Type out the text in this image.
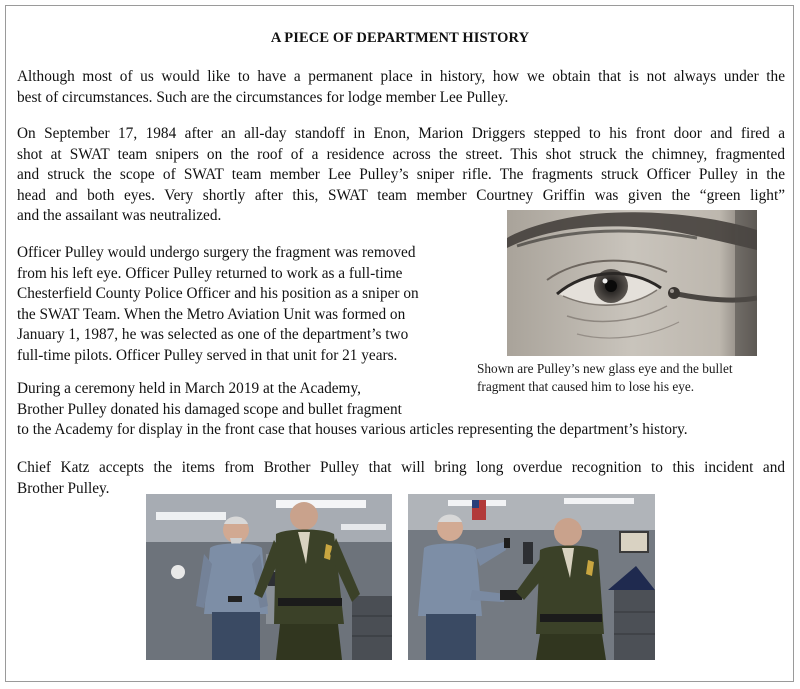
A PIECE OF DEPARTMENT HISTORY

Although most of us would like to have a permanent place in history, how we obtain that is not always under the
best of circumstances. Such are the circumstances for lodge member Lee Pulley.

On September 17, 1984 after an all-day standoff in Enon, Marion Driggers stepped to his front door and fired a
shot at SWAT team snipers on the roof of a residence across the street. This shot struck the chimney, fragmented
and struck the scope of SWAT team member Lee Pulley’s sniper rifle. The fragments struck Officer Pulley in the
head and both eyes. Very shortly after this, SWAT team member Courtney Griffin was given the “green light”
and the assailant was neutralized.

Officer Pulley would undergo surgery the fragment was removed
from his left eye. Officer Pulley returned to work as a full-time
Chesterfield County Police Officer and his position as a sniper on
the SWAT Team. When the Metro Aviation Unit was formed on
January 1, 1987, he was selected as one of the department’s two
full-time pilots. Officer Pulley served in that unit for 21 years.

During a ceremony held in March 2019 at the Academy,
Brother Pulley donated his damaged scope and bullet fragment
to the Academy for display in the front case that houses various articles representing the department’s history.

Chief Katz accepts the items from Brother Pulley that will bring long overdue recognition to this incident and
Brother Pulley.

Shown are Pulley’s new glass eye and the bullet
fragment that caused him to lose his eye.
